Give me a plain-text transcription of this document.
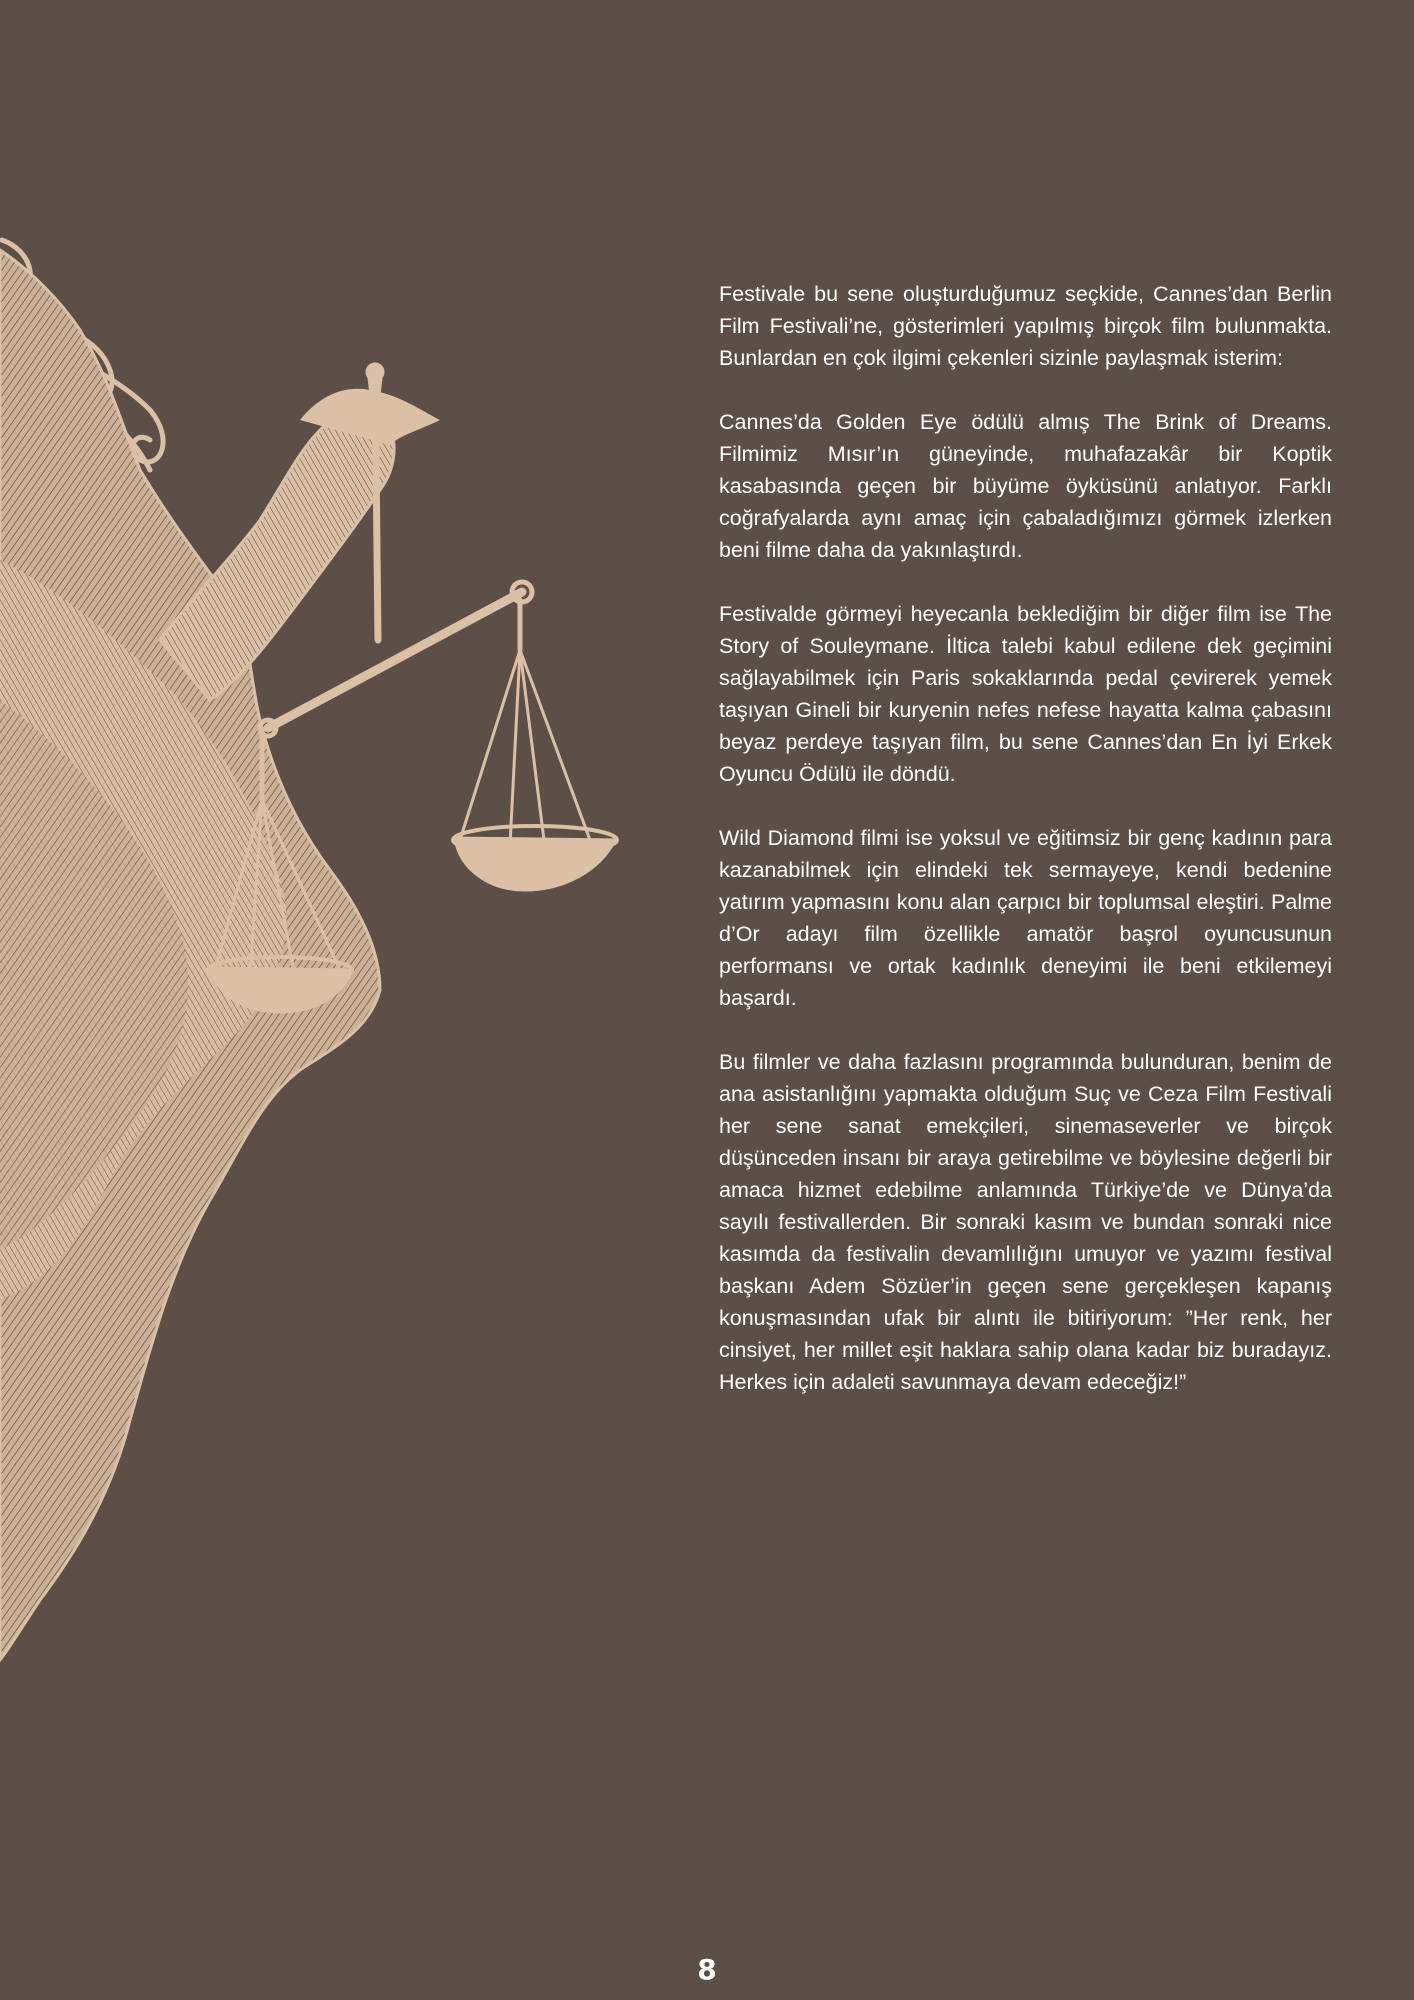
Festivale bu sene oluşturduğumuz seçkide, Cannes’dan Berlin Film Festivali’ne, gösterimleri yapılmış birçok film bulunmakta. Bunlardan en çok ilgimi çekenleri sizinle paylaşmak isterim:

Cannes’da Golden Eye ödülü almış The Brink of Dreams. Filmimiz Mısır’ın güneyinde, muhafazakâr bir Koptik kasabasında geçen bir büyüme öyküsünü anlatıyor. Farklı coğrafyalarda aynı amaç için çabaladığımızı görmek izlerken beni filme daha da yakınlaştırdı.

Festivalde görmeyi heyecanla beklediğim bir diğer film ise The Story of Souleymane. İltica talebi kabul edilene dek geçimini sağlayabilmek için Paris sokaklarında pedal çevirerek yemek taşıyan Gineli bir kuryenin nefes nefese hayatta kalma çabasını beyaz perdeye taşıyan film, bu sene Cannes’dan En İyi Erkek Oyuncu Ödülü ile döndü.

Wild Diamond filmi ise yoksul ve eğitimsiz bir genç kadının para kazanabilmek için elindeki tek sermayeye, kendi bedenine yatırım yapmasını konu alan çarpıcı bir toplumsal eleştiri. Palme d’Or adayı film özellikle amatör başrol oyuncusunun performansı ve ortak kadınlık deneyimi ile beni etkilemeyi başardı.

Bu filmler ve daha fazlasını programında bulunduran, benim de ana asistanlığını yapmakta olduğum Suç ve Ceza Film Festivali her sene sanat emekçileri, sinemaseverler ve birçok düşünceden insanı bir araya getirebilme ve böylesine değerli bir amaca hizmet edebilme anlamında Türkiye’de ve Dünya’da sayılı festivallerden. Bir sonraki kasım ve bundan sonraki nice kasımda da festivalin devamlılığını umuyor ve yazımı festival başkanı Adem Sözüer’in geçen sene gerçekleşen kapanış konuşmasından ufak bir alıntı ile bitiriyorum: ”Her renk, her cinsiyet, her millet eşit haklara sahip olana kadar biz buradayız. Herkes için adaleti savunmaya devam edeceğiz!”

8
